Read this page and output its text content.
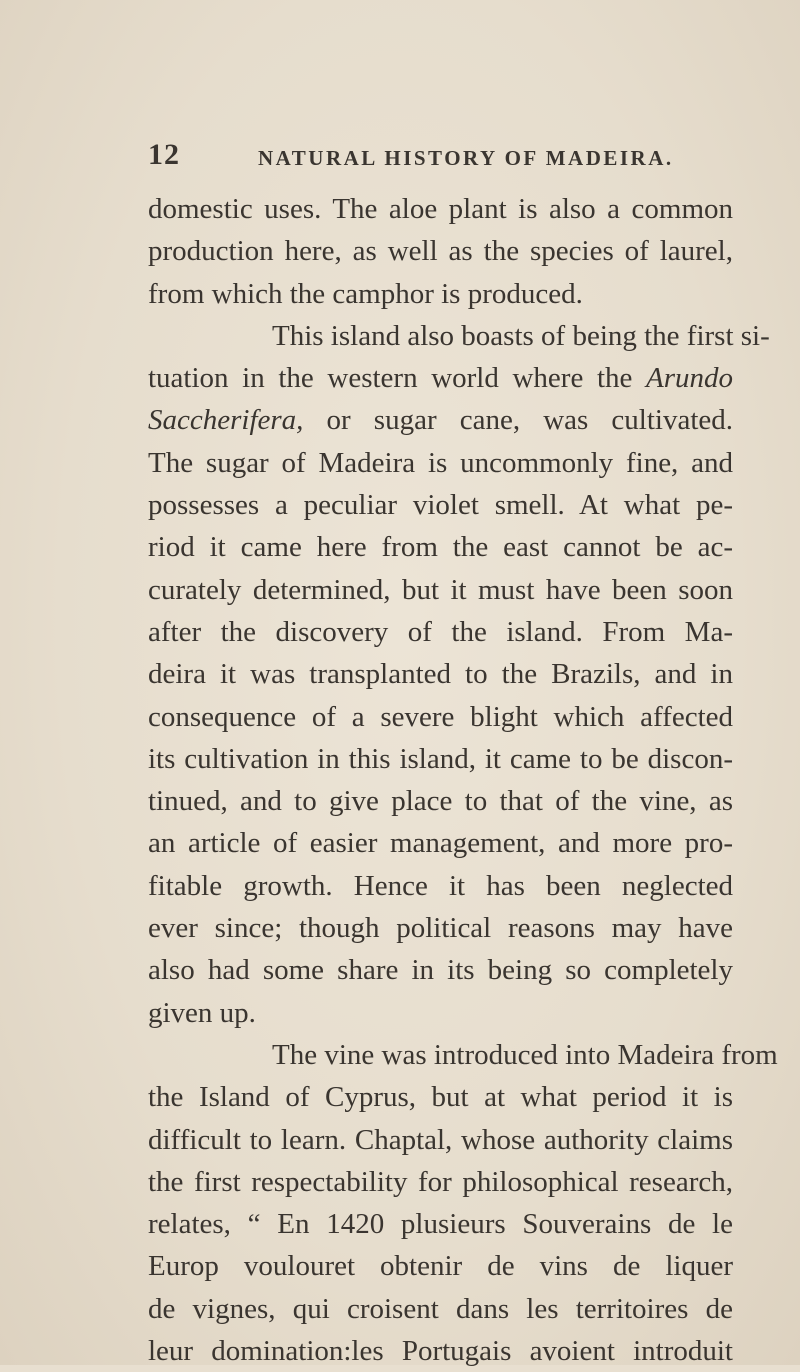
12	NATURAL HISTORY OF MADEIRA.
domestic uses. The aloe plant is also a common
production here, as well as the species of laurel,
from which the camphor is produced.
This island also boasts of being the first si-
tuation in the western world where the Arundo
Saccherifera, or sugar cane, was cultivated.
The sugar of Madeira is uncommonly fine, and
possesses a peculiar violet smell. At what pe-
riod it came here from the east cannot be ac-
curately determined, but it must have been soon
after the discovery of the island. From Ma-
deira it was transplanted to the Brazils, and in
consequence of a severe blight which affected
its cultivation in this island, it came to be discon-
tinued, and to give place to that of the vine, as
an article of easier management, and more pro-
fitable growth. Hence it has been neglected
ever since; though political reasons may have
also had some share in its being so completely
given up.
The vine was introduced into Madeira from
the Island of Cyprus, but at what period it is
difficult to learn. Chaptal, whose authority claims
the first respectability for philosophical research,
relates, “ En 1420 plusieurs Souverains de le
Europ voulouret obtenir de vins de liquer
de vignes, qui croisent dans les territoires de
leur domination:les Portugais avoient introduit
